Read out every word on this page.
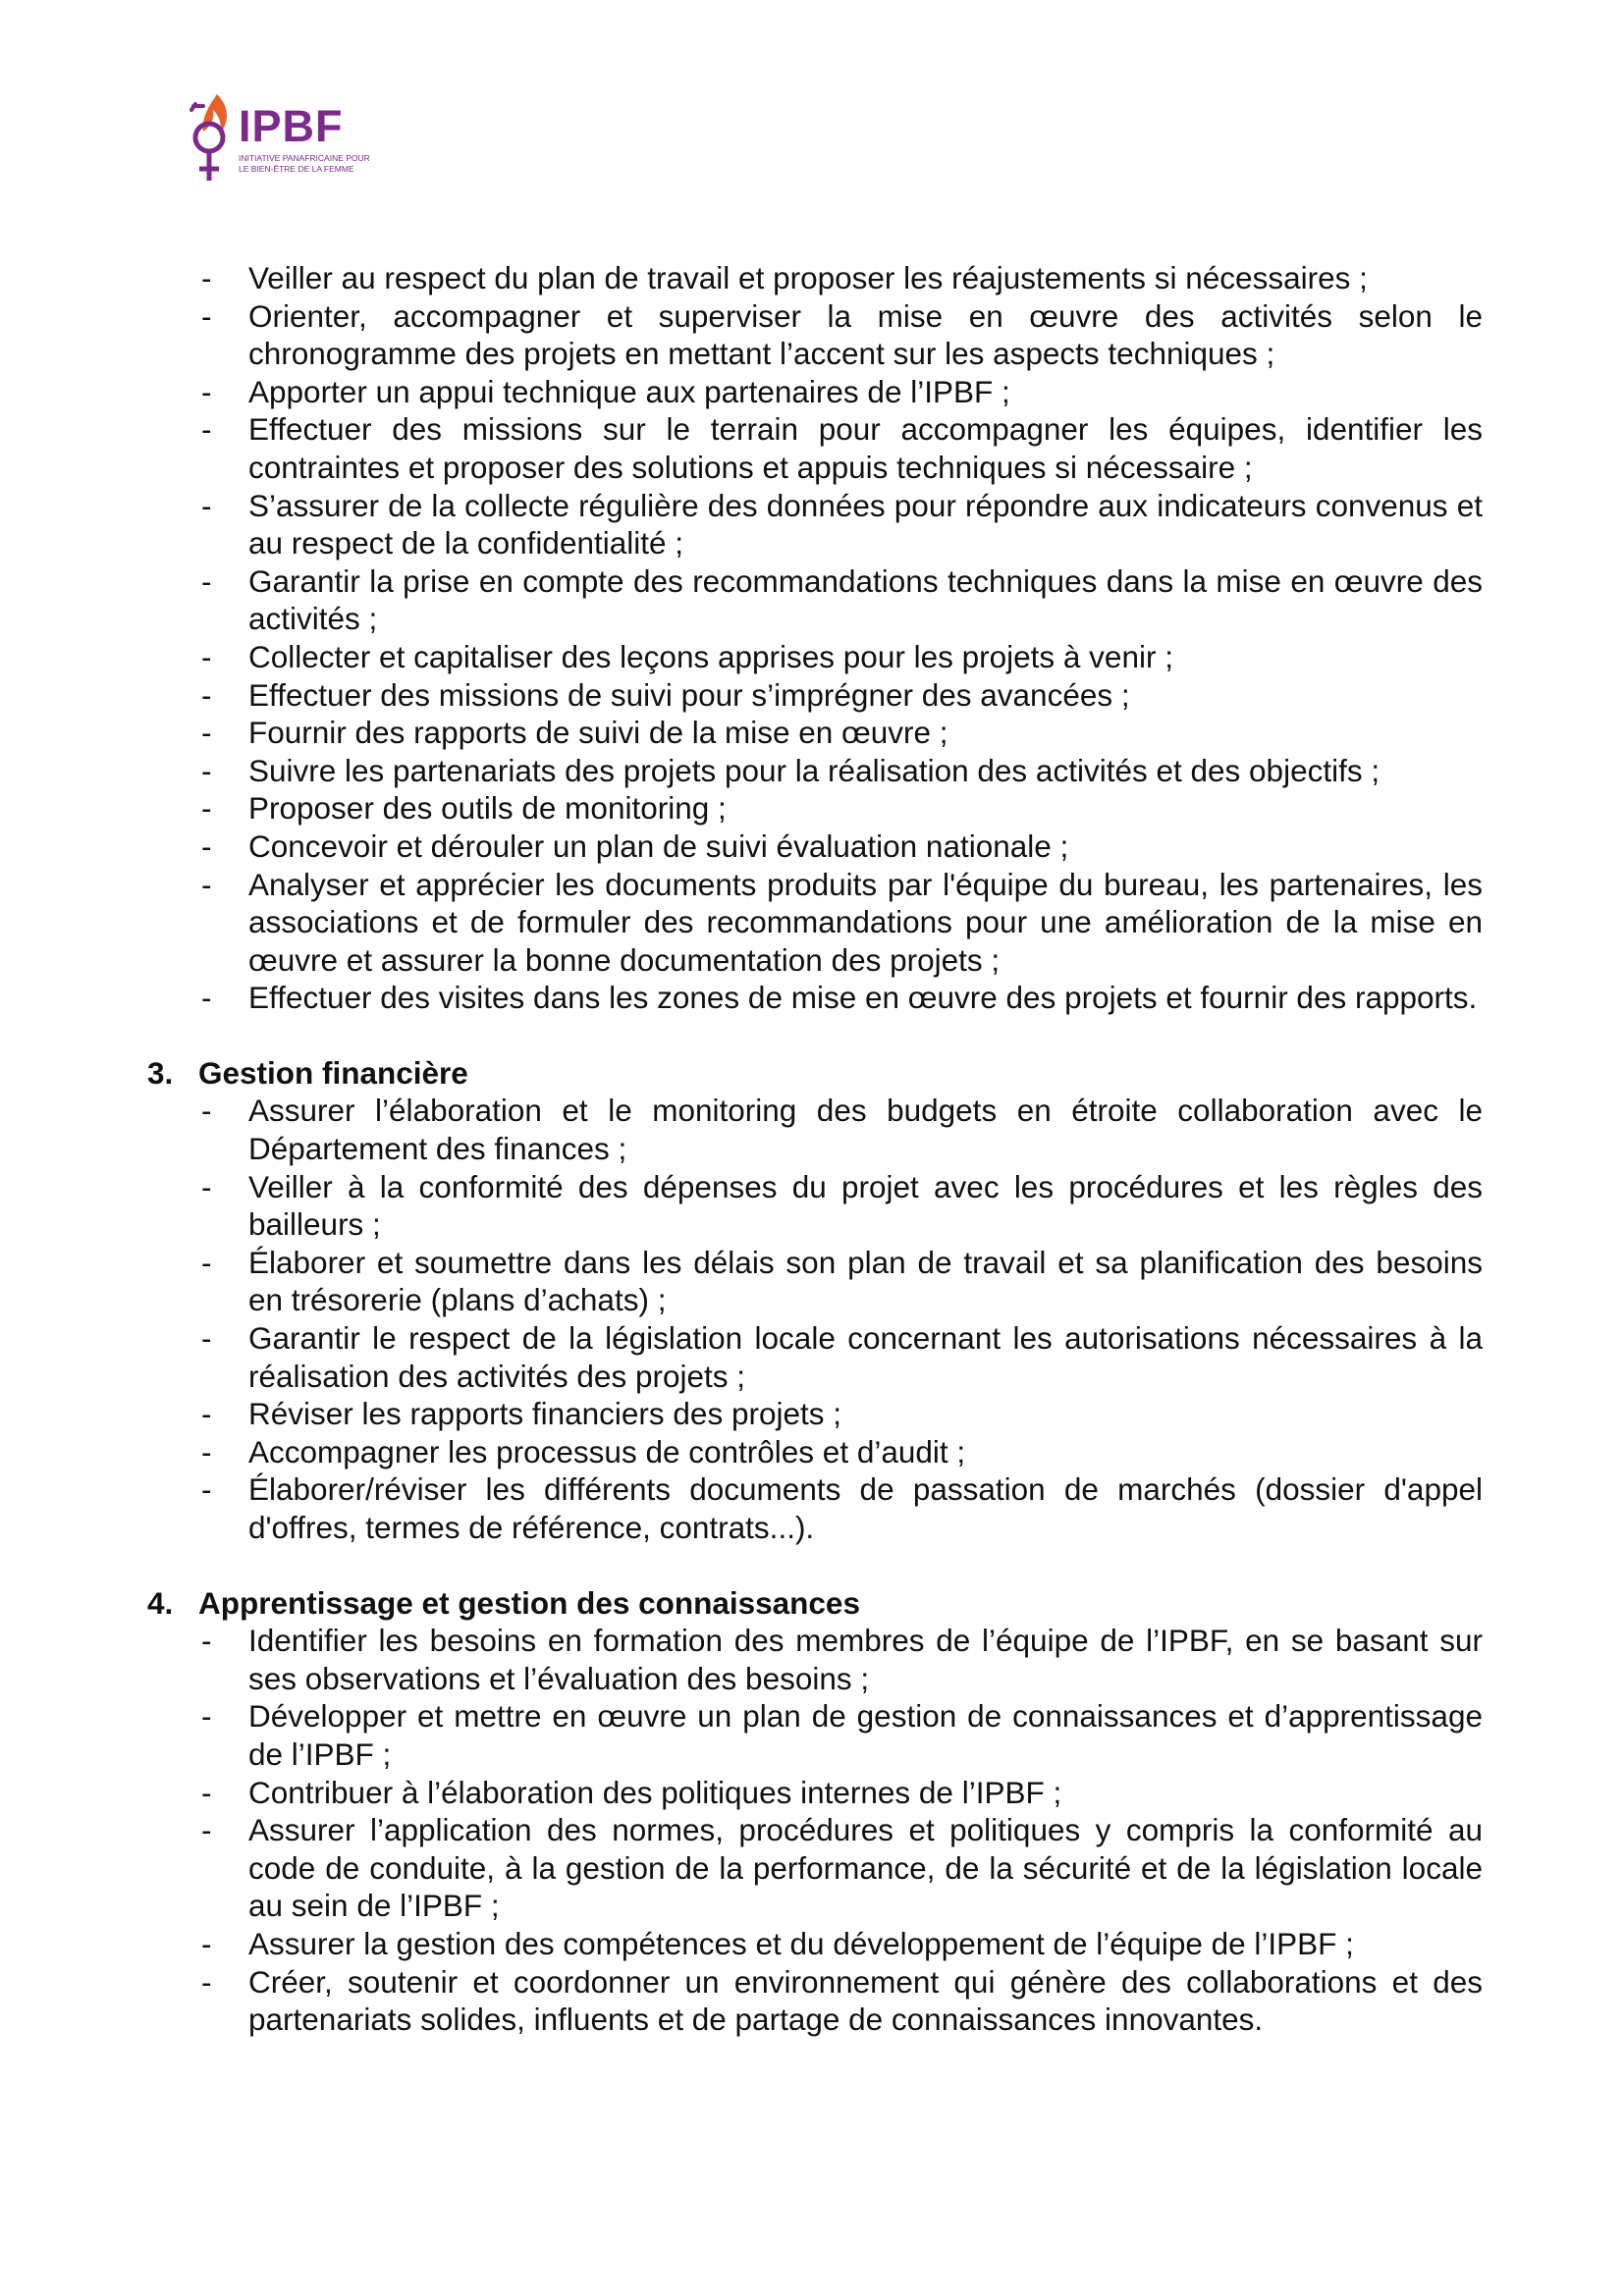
IPBF
INITIATIVE PANAFRICAINE POUR
LE BIEN-ÊTRE DE LA FEMME
- Veiller au respect du plan de travail et proposer les réajustements si nécessaires ;
- Orienter, accompagner et superviser la mise en œuvre des activités selon le chronogramme des projets en mettant l’accent sur les aspects techniques ;
- Apporter un appui technique aux partenaires de l’IPBF ;
- Effectuer des missions sur le terrain pour accompagner les équipes, identifier les contraintes et proposer des solutions et appuis techniques si nécessaire ;
- S’assurer de la collecte régulière des données pour répondre aux indicateurs convenus et au respect de la confidentialité ;
- Garantir la prise en compte des recommandations techniques dans la mise en œuvre des activités ;
- Collecter et capitaliser des leçons apprises pour les projets à venir ;
- Effectuer des missions de suivi pour s’imprégner des avancées ;
- Fournir des rapports de suivi de la mise en œuvre ;
- Suivre les partenariats des projets pour la réalisation des activités et des objectifs ;
- Proposer des outils de monitoring ;
- Concevoir et dérouler un plan de suivi évaluation nationale ;
- Analyser et apprécier les documents produits par l'équipe du bureau, les partenaires, les associations et de formuler des recommandations pour une amélioration de la mise en œuvre et assurer la bonne documentation des projets ;
- Effectuer des visites dans les zones de mise en œuvre des projets et fournir des rapports.
3. Gestion financière
- Assurer l’élaboration et le monitoring des budgets en étroite collaboration avec le Département des finances ;
- Veiller à la conformité des dépenses du projet avec les procédures et les règles des bailleurs ;
- Élaborer et soumettre dans les délais son plan de travail et sa planification des besoins en trésorerie (plans d’achats) ;
- Garantir le respect de la législation locale concernant les autorisations nécessaires à la réalisation des activités des projets ;
- Réviser les rapports financiers des projets ;
- Accompagner les processus de contrôles et d’audit ;
- Élaborer/réviser les différents documents de passation de marchés (dossier d'appel d'offres, termes de référence, contrats...).
4. Apprentissage et gestion des connaissances
- Identifier les besoins en formation des membres de l’équipe de l’IPBF, en se basant sur ses observations et l’évaluation des besoins ;
- Développer et mettre en œuvre un plan de gestion de connaissances et d’apprentissage de l’IPBF ;
- Contribuer à l’élaboration des politiques internes de l’IPBF ;
- Assurer l’application des normes, procédures et politiques y compris la conformité au code de conduite, à la gestion de la performance, de la sécurité et de la législation locale au sein de l’IPBF ;
- Assurer la gestion des compétences et du développement de l’équipe de l’IPBF ;
- Créer, soutenir et coordonner un environnement qui génère des collaborations et des partenariats solides, influents et de partage de connaissances innovantes.
